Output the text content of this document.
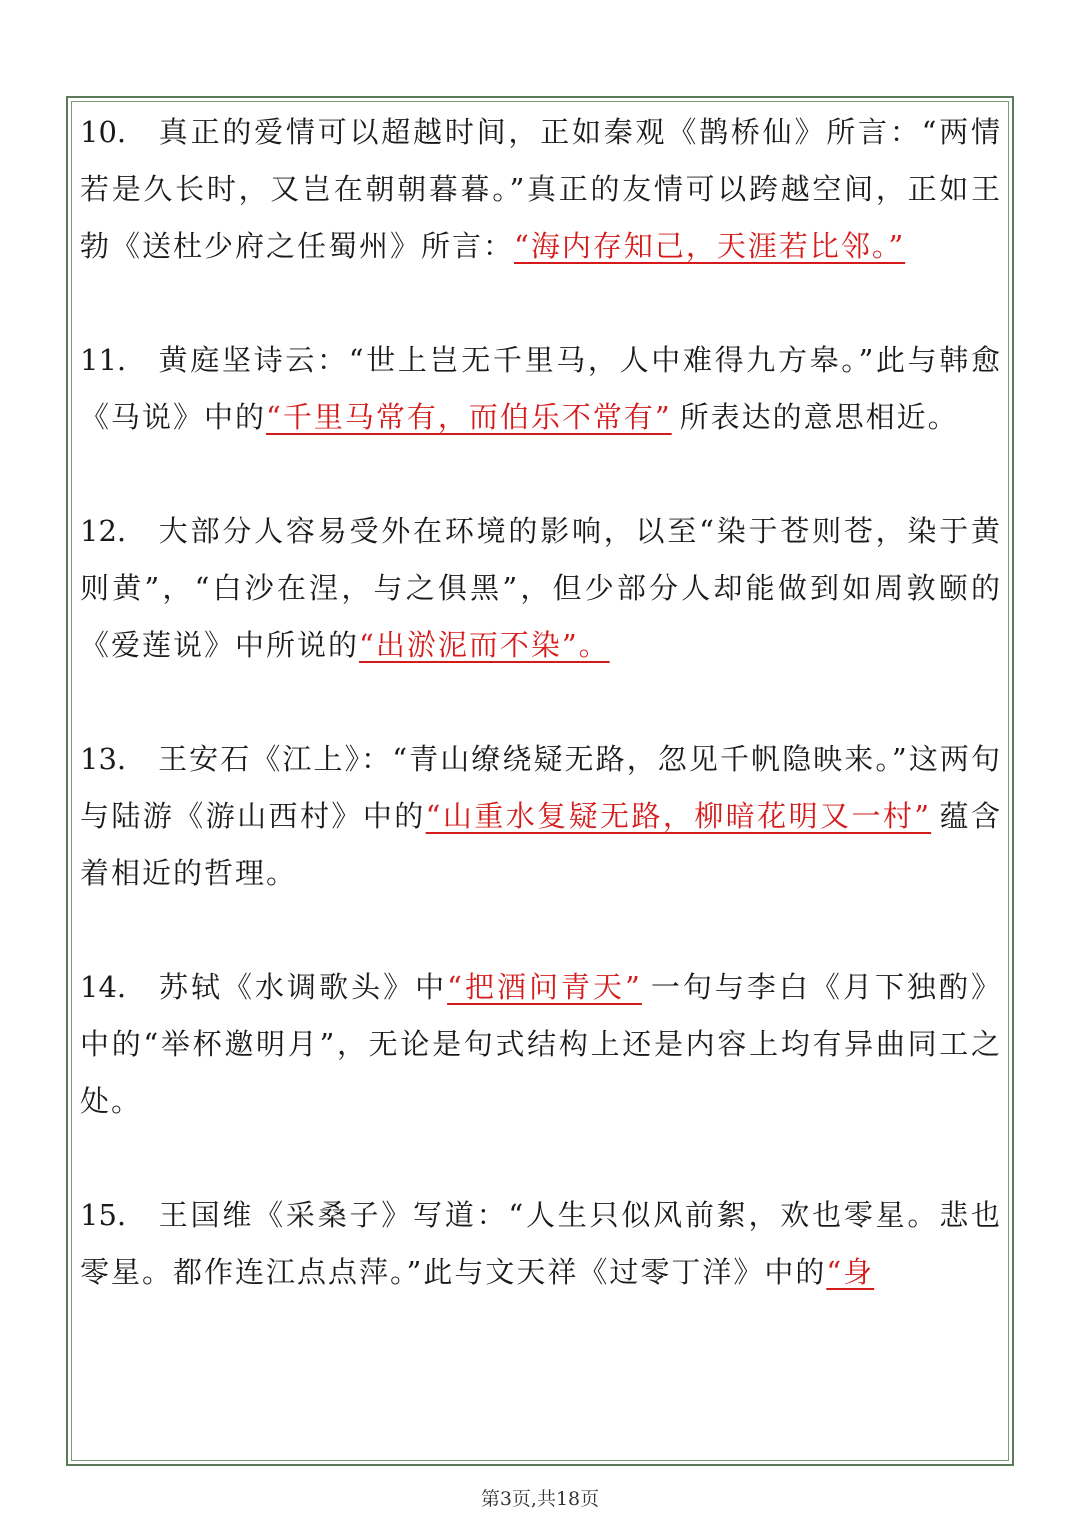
10. 真正的爱情可以超越时间，正如秦观《鹊桥仙》所言：“两情若是久长时，又岂在朝朝暮暮。”真正的友情可以跨越空间，正如王勃《送杜少府之任蜀州》所言：“海内存知己，天涯若比邻。”

11. 黄庭坚诗云：“世上岂无千里马，人中难得九方皋。”此与韩愈《马说》中的“千里马常有，而伯乐不常有” 所表达的意思相近。

12. 大部分人容易受外在环境的影响，以至“染于苍则苍，染于黄则黄”，“白沙在涅，与之俱黑”，但少部分人却能做到如周敦颐的《爱莲说》中所说的“出淤泥而不染”。

13. 王安石《江上》：“青山缭绕疑无路，忽见千帆隐映来。”这两句与陆游《游山西村》中的“山重水复疑无路，柳暗花明又一村” 蕴含着相近的哲理。

14. 苏轼《水调歌头》中“把酒问青天” 一句与李白《月下独酌》中的“举杯邀明月”，无论是句式结构上还是内容上均有异曲同工之处。

15. 王国维《采桑子》写道：“人生只似风前絮，欢也零星。悲也零星。都作连江点点萍。”此与文天祥《过零丁洋》中的“身

第3页,共18页
